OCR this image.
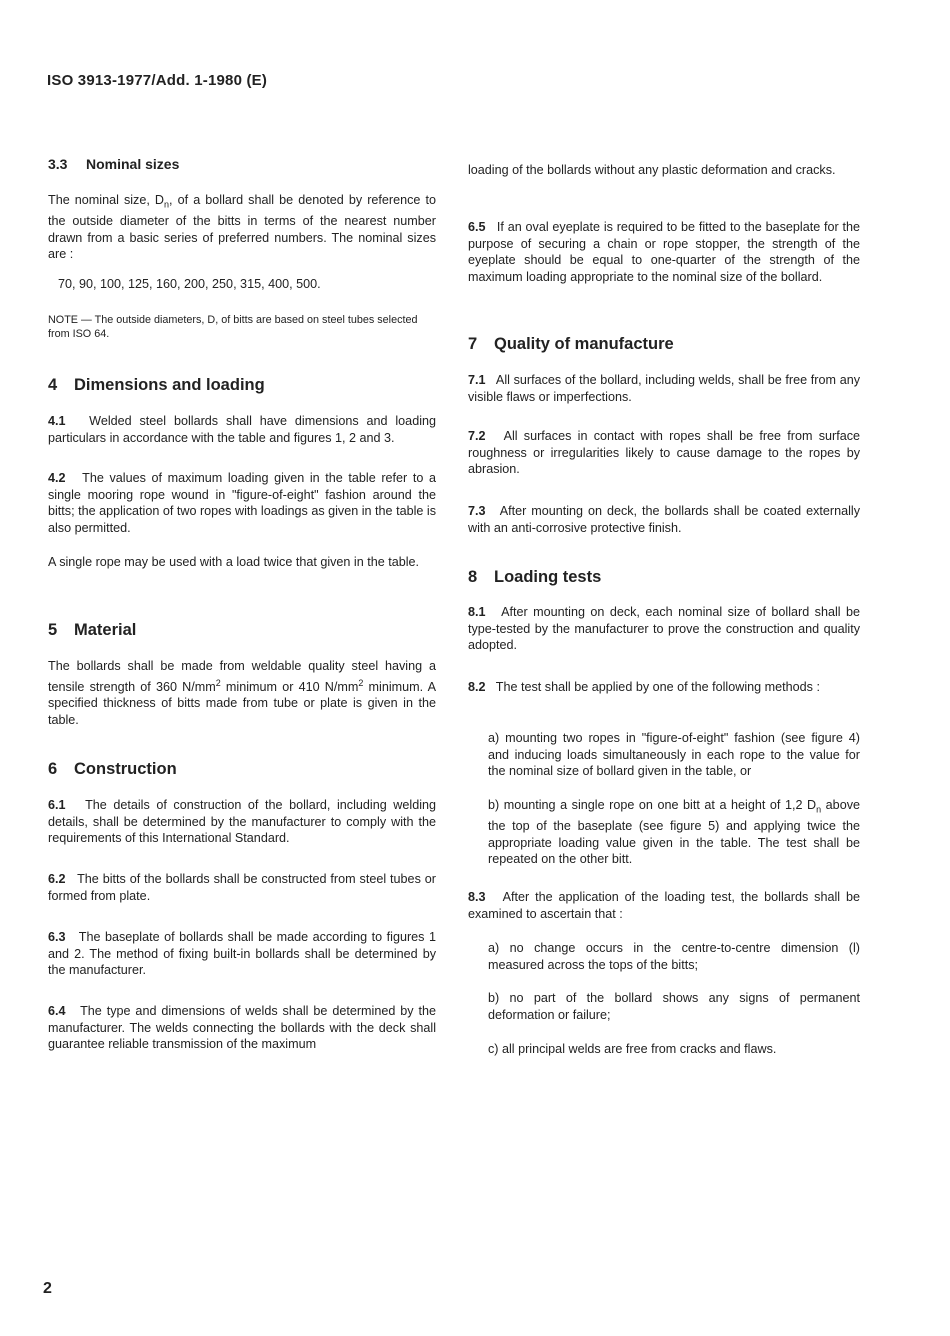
ISO 3913-1977/Add. 1-1980 (E)

3.3 Nominal sizes

The nominal size, $D_n$, of a bollard shall be denoted by reference to the outside diameter of the bitts in terms of the nearest number drawn from a basic series of preferred numbers. The nominal sizes are :

70, 90, 100, 125, 160, 200, 250, 315, 400, 500.

NOTE — The outside diameters, D, of bitts are based on steel tubes selected from ISO 64.

4 Dimensions and loading

4.1 Welded steel bollards shall have dimensions and loading particulars in accordance with the table and figures 1, 2 and 3.

4.2 The values of maximum loading given in the table refer to a single mooring rope wound in "figure-of-eight" fashion around the bitts; the application of two ropes with loadings as given in the table is also permitted.

A single rope may be used with a load twice that given in the table.

5 Material

The bollards shall be made from weldable quality steel having a tensile strength of 360 $N/mm^2$ minimum or 410 $N/mm^2$ minimum. A specified thickness of bitts made from tube or plate is given in the table.

6 Construction

6.1 The details of construction of the bollard, including welding details, shall be determined by the manufacturer to comply with the requirements of this International Standard.

6.2 The bitts of the bollards shall be constructed from steel tubes or formed from plate.

6.3 The baseplate of bollards shall be made according to figures 1 and 2. The method of fixing built-in bollards shall be determined by the manufacturer.

6.4 The type and dimensions of welds shall be determined by the manufacturer. The welds connecting the bollards with the deck shall guarantee reliable transmission of the maximum

loading of the bollards without any plastic deformation and cracks.

6.5 If an oval eyeplate is required to be fitted to the baseplate for the purpose of securing a chain or rope stopper, the strength of the eyeplate should be equal to one-quarter of the strength of the maximum loading appropriate to the nominal size of the bollard.

7 Quality of manufacture

7.1 All surfaces of the bollard, including welds, shall be free from any visible flaws or imperfections.

7.2 All surfaces in contact with ropes shall be free from surface roughness or irregularities likely to cause damage to the ropes by abrasion.

7.3 After mounting on deck, the bollards shall be coated externally with an anti-corrosive protective finish.

8 Loading tests

8.1 After mounting on deck, each nominal size of bollard shall be type-tested by the manufacturer to prove the construction and quality adopted.

8.2 The test shall be applied by one of the following methods :

a) mounting two ropes in "figure-of-eight" fashion (see figure 4) and inducing loads simultaneously in each rope to the value for the nominal size of bollard given in the table, or

b) mounting a single rope on one bitt at a height of 1,2 $D_n$ above the top of the baseplate (see figure 5) and applying twice the appropriate loading value given in the table. The test shall be repeated on the other bitt.

8.3 After the application of the loading test, the bollards shall be examined to ascertain that :

a) no change occurs in the centre-to-centre dimension (l) measured across the tops of the bitts;

b) no part of the bollard shows any signs of permanent deformation or failure;

c) all principal welds are free from cracks and flaws.

2
